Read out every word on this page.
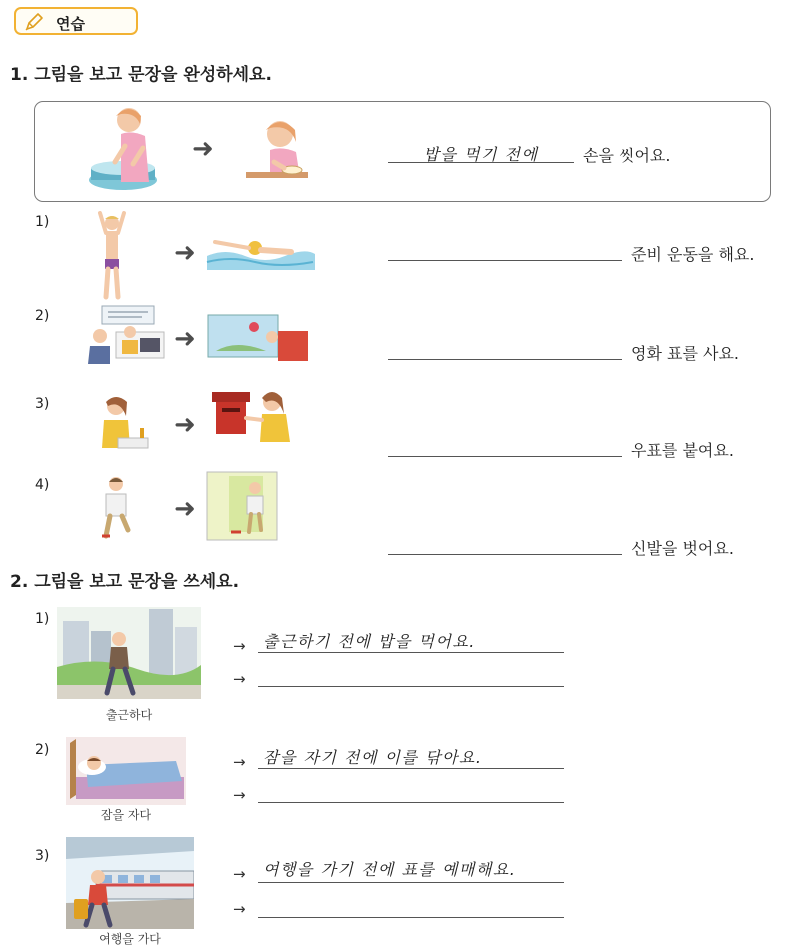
연습
1. 그림을 보고 문장을 완성하세요.
➜	밥을 먹기 전에	손을 씻어요.
1)
➜	준비 운동을 해요.
2)
➜	영화 표를 사요.
3)
➜
우표를 붙여요.
4)
➜
신발을 벗어요.
2. 그림을 보고 문장을 쓰세요.
1)
출근하다
→ 출근하기 전에 밥을 먹어요.
→
2)
잠을 자다
→ 잠을 자기 전에 이를 닦아요.
→
3)
여행을 가다
→ 여행을 가기 전에 표를 예매해요.
→
